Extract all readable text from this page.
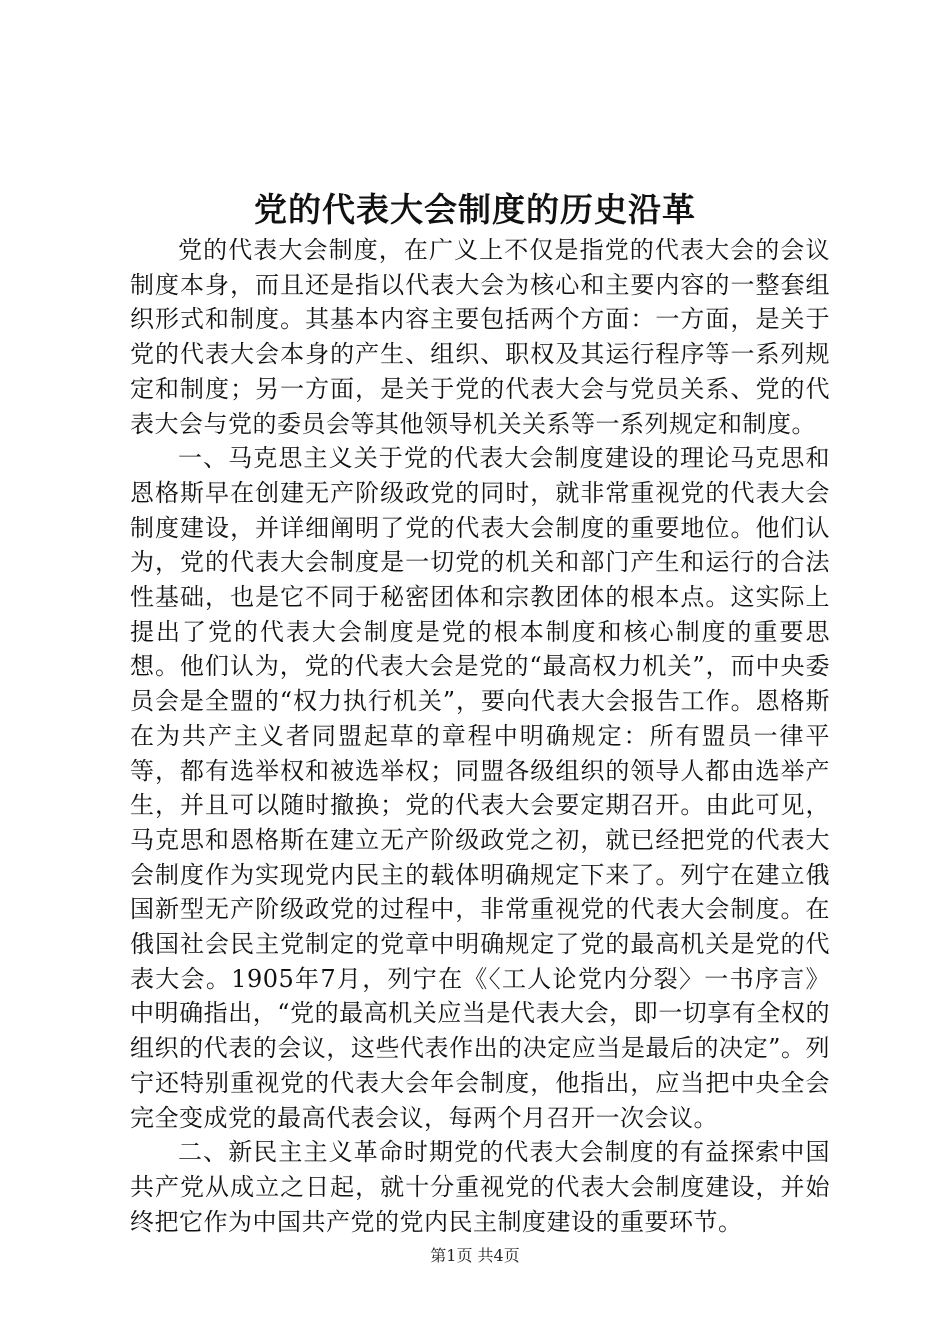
党的代表大会制度的历史沿革

党的代表大会制度，在广义上不仅是指党的代表大会的会议制度本身，而且还是指以代表大会为核心和主要内容的一整套组织形式和制度。其基本内容主要包括两个方面：一方面，是关于党的代表大会本身的产生、组织、职权及其运行程序等一系列规定和制度；另一方面，是关于党的代表大会与党员关系、党的代表大会与党的委员会等其他领导机关关系等一系列规定和制度。

一、马克思主义关于党的代表大会制度建设的理论马克思和恩格斯早在创建无产阶级政党的同时，就非常重视党的代表大会制度建设，并详细阐明了党的代表大会制度的重要地位。他们认为，党的代表大会制度是一切党的机关和部门产生和运行的合法性基础，也是它不同于秘密团体和宗教团体的根本点。这实际上提出了党的代表大会制度是党的根本制度和核心制度的重要思想。他们认为，党的代表大会是党的“最高权力机关”，而中央委员会是全盟的“权力执行机关”，要向代表大会报告工作。恩格斯在为共产主义者同盟起草的章程中明确规定：所有盟员一律平等，都有选举权和被选举权；同盟各级组织的领导人都由选举产生，并且可以随时撤换；党的代表大会要定期召开。由此可见，马克思和恩格斯在建立无产阶级政党之初，就已经把党的代表大会制度作为实现党内民主的载体明确规定下来了。列宁在建立俄国新型无产阶级政党的过程中，非常重视党的代表大会制度。在俄国社会民主党制定的党章中明确规定了党的最高机关是党的代表大会。1905年7月，列宁在《〈工人论党内分裂〉一书序言》中明确指出，“党的最高机关应当是代表大会，即一切享有全权的组织的代表的会议，这些代表作出的决定应当是最后的决定”。列宁还特别重视党的代表大会年会制度，他指出，应当把中央全会完全变成党的最高代表会议，每两个月召开一次会议。

二、新民主主义革命时期党的代表大会制度的有益探索中国共产党从成立之日起，就十分重视党的代表大会制度建设，并始终把它作为中国共产党的党内民主制度建设的重要环节。

第1页 共4页
